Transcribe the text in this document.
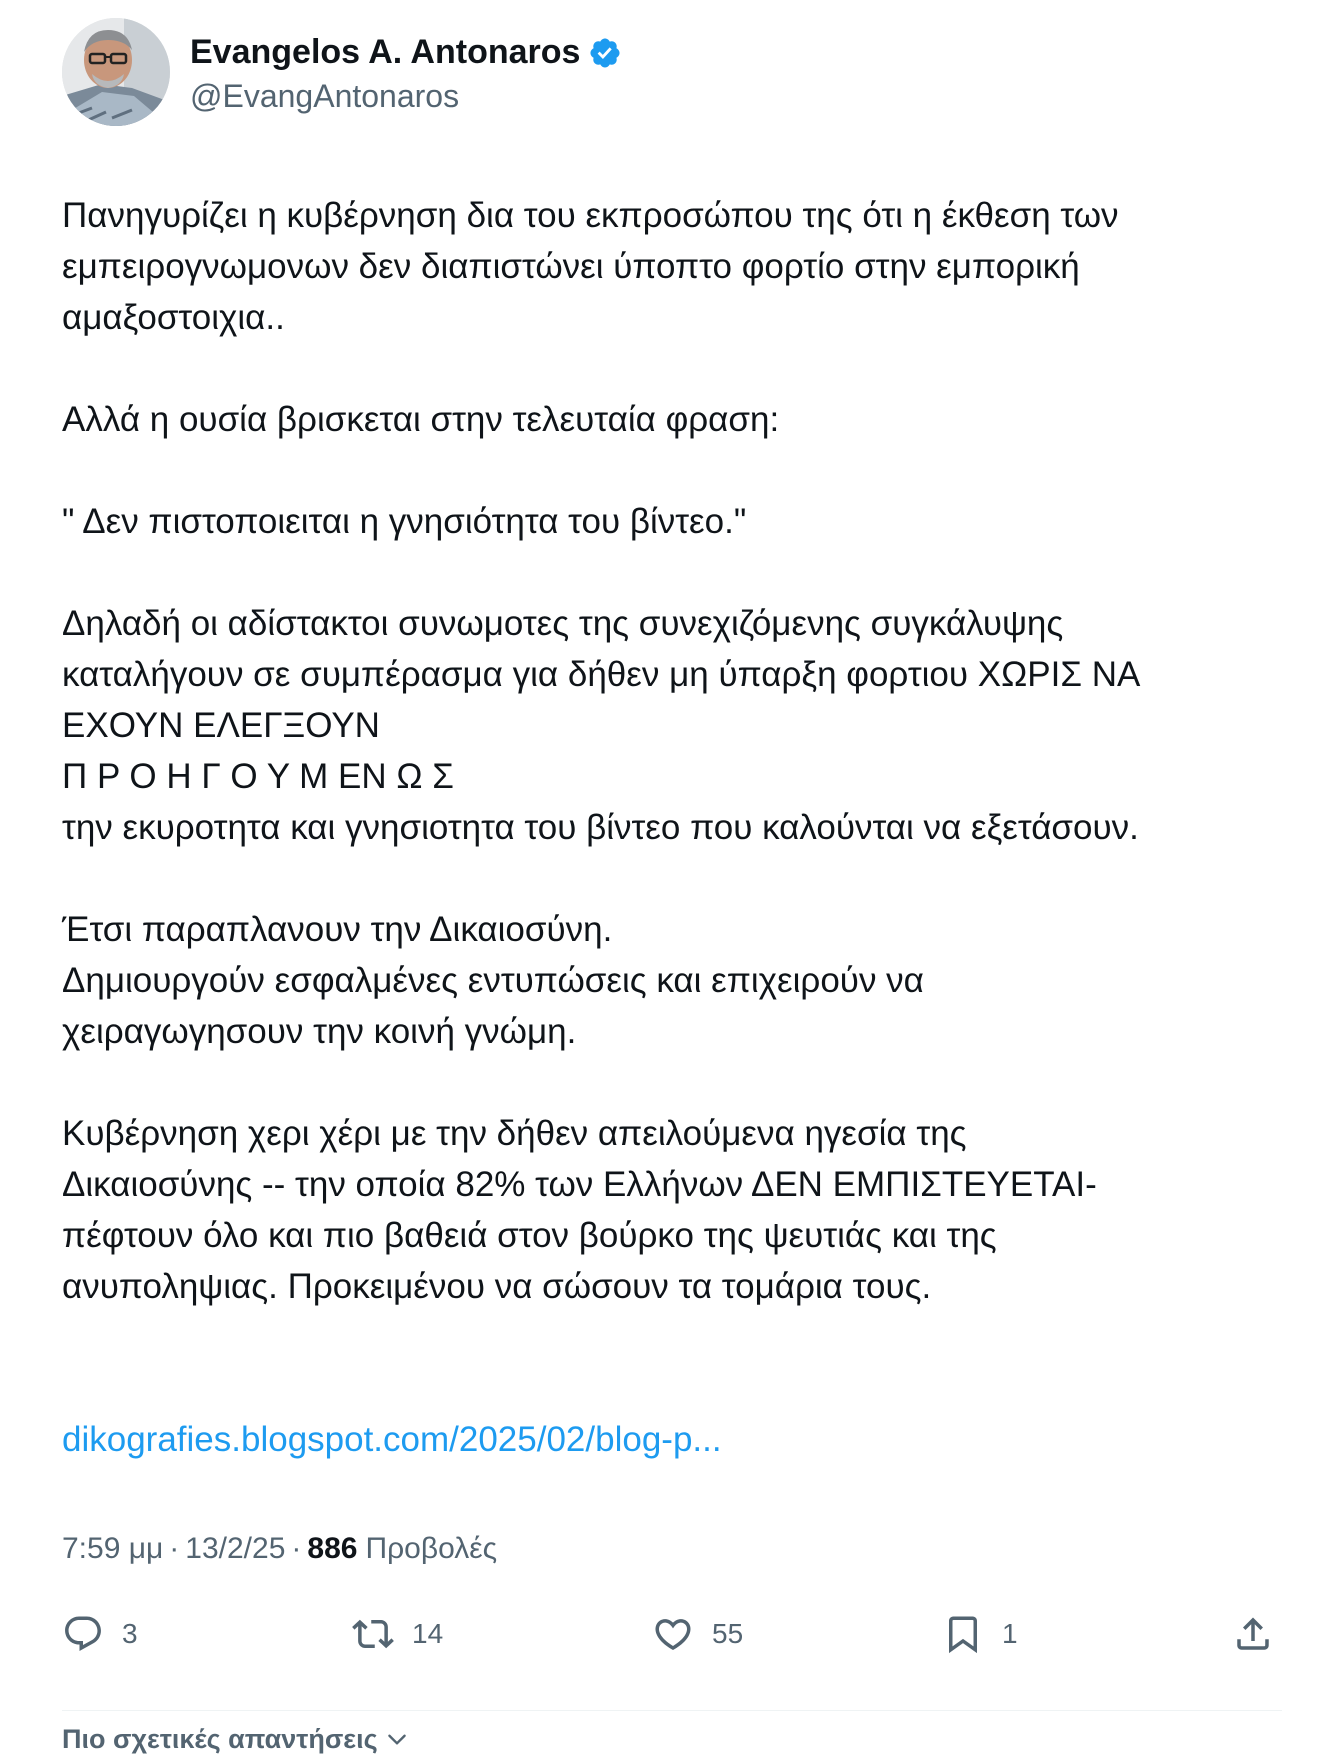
Evangelos A. Antonaros
@EvangAntonaros

Πανηγυρίζει η κυβέρνηση δια του εκπροσώπου της ότι η έκθεση των
εμπειρογνωμονων δεν διαπιστώνει ύποπτο φορτίο στην εμπορική
αμαξοστοιχια..

Αλλά η ουσία βρισκεται στην τελευταία φραση:

" Δεν πιστοποιειται η γνησιότητα του βίντεο."

Δηλαδή οι αδίστακτοι συνωμοτες της συνεχιζόμενης συγκάλυψης
καταλήγουν σε συμπέρασμα για δήθεν μη ύπαρξη φορτιου ΧΩΡΙΣ ΝΑ
ΕΧΟΥΝ ΕΛΕΓΞΟΥΝ
Π Ρ Ο Η Γ Ο Υ Μ ΕΝ Ω Σ
την εκυροτητα και γνησιοτητα του βίντεο που καλούνται να εξετάσουν.

Έτσι παραπλανουν την Δικαιοσύνη.
Δημιουργούν εσφαλμένες εντυπώσεις και επιχειρούν να
χειραγωγησουν την κοινή γνώμη.

Κυβέρνηση χερι χέρι με την δήθεν απειλούμενα ηγεσία της
Δικαιοσύνης -- την οποία 82% των Ελλήνων ΔΕΝ ΕΜΠΙΣΤΕΥΕΤΑΙ-
πέφτουν όλο και πιο βαθειά στον βούρκο της ψευτιάς και της
ανυποληψιας. Προκειμένου να σώσουν τα τομάρια τους.

dikografies.blogspot.com/2025/02/blog-p...

7:59 μμ · 13/2/25 · 886 Προβολές
3	14	55	1
Πιο σχετικές απαντήσεις
